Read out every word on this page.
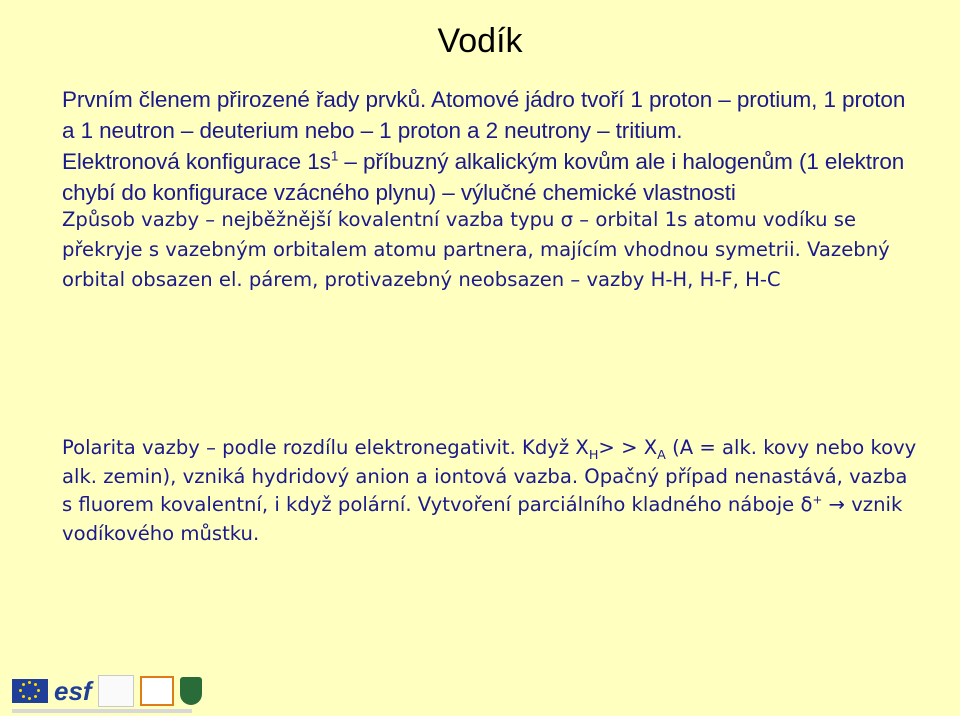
Vodík

Prvním členem přirozené řady prvků. Atomové jádro tvoří 1 proton – protium, 1 proton a 1 neutron – deuterium nebo – 1 proton a 2 neutrony – tritium.

Elektronová konfigurace $1s^1$ – příbuzný alkalickým kovům ale i halogenům (1 elektron chybí do konfigurace vzácného plynu) – výlučné chemické vlastnosti

Způsob vazby – nejběžnější kovalentní vazba typu σ – orbital 1s atomu vodíku se překryje s vazebným orbitalem atomu partnera, majícím vhodnou symetrii. Vazebný orbital obsazen el. párem, protivazebný neobsazen – vazby H-H, H-F, H-C

Polarita vazby – podle rozdílu elektronegativit. Když $X_H> > X_A$ (A = alk. kovy nebo kovy alk. zemin), vzniká hydridový anion a iontová vazba. Opačný případ nenastává, vazba s fluorem kovalentní, i když polární. Vytvoření parciálního kladného náboje δ+ → vznik vodíkového můstku.

esf
